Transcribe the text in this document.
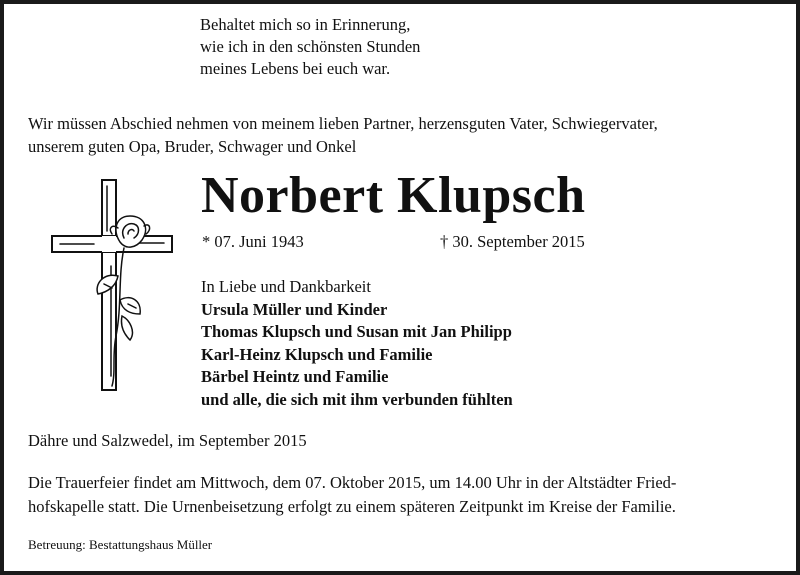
Behaltet mich so in Erinnerung,
wie ich in den schönsten Stunden
meines Lebens bei euch war.
Wir müssen Abschied nehmen von meinem lieben Partner, herzensguten Vater, Schwiegervater,
unserem guten Opa, Bruder, Schwager und Onkel
Norbert Klupsch
* 07. Juni 1943	† 30. September 2015
In Liebe und Dankbarkeit
Ursula Müller und Kinder
Thomas Klupsch und Susan mit Jan Philipp
Karl-Heinz Klupsch und Familie
Bärbel Heintz und Familie
und alle, die sich mit ihm verbunden fühlten
Dähre und Salzwedel, im September 2015
Die Trauerfeier findet am Mittwoch, dem 07. Oktober 2015, um 14.00 Uhr in der Altstädter Fried-
hofskapelle statt. Die Urnenbeisetzung erfolgt zu einem späteren Zeitpunkt im Kreise der Familie.
Betreuung: Bestattungshaus Müller
